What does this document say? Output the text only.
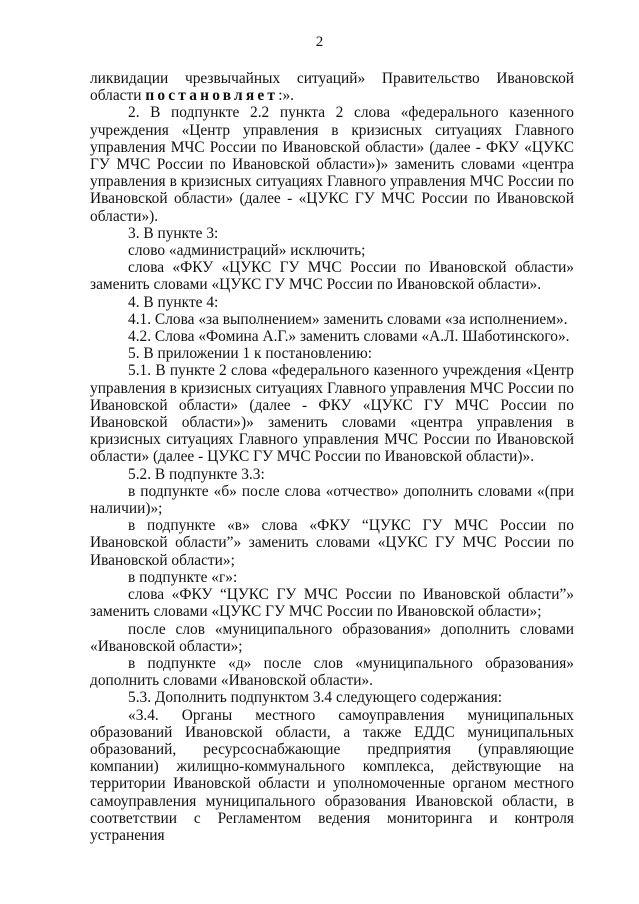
2

ликвидации чрезвычайных ситуаций» Правительство Ивановской области постановляет:».

2. В подпункте 2.2 пункта 2 слова «федерального казенного учреждения «Центр управления в кризисных ситуациях Главного управления МЧС России по Ивановской области» (далее - ФКУ «ЦУКС ГУ МЧС России по Ивановской области»)» заменить словами «центра управления в кризисных ситуациях Главного управления МЧС России по Ивановской области» (далее - «ЦУКС ГУ МЧС России по Ивановской области»).

3. В пункте 3:

слово «администраций» исключить;

слова «ФКУ «ЦУКС ГУ МЧС России по Ивановской области» заменить словами «ЦУКС ГУ МЧС России по Ивановской области».

4. В пункте 4:

4.1. Слова «за выполнением» заменить словами «за исполнением».

4.2. Слова «Фомина А.Г.» заменить словами «А.Л. Шаботинского».

5. В приложении 1 к постановлению:

5.1. В пункте 2 слова «федерального казенного учреждения «Центр управления в кризисных ситуациях Главного управления МЧС России по Ивановской области» (далее - ФКУ «ЦУКС ГУ МЧС России по Ивановской области»)» заменить словами «центра управления в кризисных ситуациях Главного управления МЧС России по Ивановской области» (далее - ЦУКС ГУ МЧС России по Ивановской области)».

5.2. В подпункте 3.3:

в подпункте «б» после слова «отчество» дополнить словами «(при наличии)»;

в подпункте «в» слова «ФКУ “ЦУКС ГУ МЧС России по Ивановской области”» заменить словами «ЦУКС ГУ МЧС России по Ивановской области»;

в подпункте «г»:

слова «ФКУ “ЦУКС ГУ МЧС России по Ивановской области”» заменить словами «ЦУКС ГУ МЧС России по Ивановской области»;

после слов «муниципального образования» дополнить словами «Ивановской области»;

в подпункте «д» после слов «муниципального образования» дополнить словами «Ивановской области».

5.3. Дополнить подпунктом 3.4 следующего содержания:

«3.4. Органы местного самоуправления муниципальных образований Ивановской области, а также ЕДДС муниципальных образований, ресурсоснабжающие предприятия (управляющие компании) жилищно-коммунального комплекса, действующие на территории Ивановской области и уполномоченные органом местного самоуправления муниципального образования Ивановской области, в соответствии с Регламентом ведения мониторинга и контроля устранения
